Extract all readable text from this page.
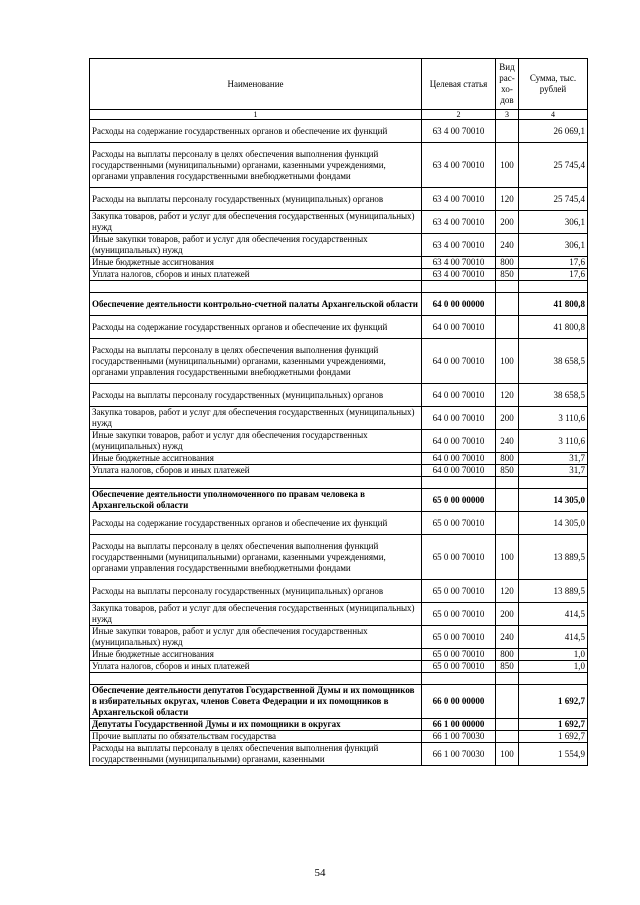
Наименование	Целевая статья	Вид рас- хо- дов	Сумма, тыс. рублей
1	2	3	4
Расходы на содержание государственных органов и обеспечение их функций	63 4 00 70010		26 069,1
Расходы на выплаты персоналу в целях обеспечения выполнения функций государственными (муниципальными) органами, казенными учреждениями, органами управления государственными внебюджетными фондами	63 4 00 70010	100	25 745,4
Расходы на выплаты персоналу государственных (муниципальных) органов	63 4 00 70010	120	25 745,4
Закупка товаров, работ и услуг для обеспечения государственных (муниципальных) нужд	63 4 00 70010	200	306,1
Иные закупки товаров, работ и услуг для обеспечения государственных (муниципальных) нужд	63 4 00 70010	240	306,1
Иные бюджетные ассигнования	63 4 00 70010	800	17,6
Уплата налогов, сборов и иных платежей	63 4 00 70010	850	17,6

Обеспечение деятельности контрольно-счетной палаты Архангельской области	64 0 00 00000		41 800,8
Расходы на содержание государственных органов и обеспечение их функций	64 0 00 70010		41 800,8
Расходы на выплаты персоналу в целях обеспечения выполнения функций государственными (муниципальными) органами, казенными учреждениями, органами управления государственными внебюджетными фондами	64 0 00 70010	100	38 658,5
Расходы на выплаты персоналу государственных (муниципальных) органов	64 0 00 70010	120	38 658,5
Закупка товаров, работ и услуг для обеспечения государственных (муниципальных) нужд	64 0 00 70010	200	3 110,6
Иные закупки товаров, работ и услуг для обеспечения государственных (муниципальных) нужд	64 0 00 70010	240	3 110,6
Иные бюджетные ассигнования	64 0 00 70010	800	31,7
Уплата налогов, сборов и иных платежей	64 0 00 70010	850	31,7

Обеспечение деятельности уполномоченного по правам человека в Архангельской области	65 0 00 00000		14 305,0
Расходы на содержание государственных органов и обеспечение их функций	65 0 00 70010		14 305,0
Расходы на выплаты персоналу в целях обеспечения выполнения функций государственными (муниципальными) органами, казенными учреждениями, органами управления государственными внебюджетными фондами	65 0 00 70010	100	13 889,5
Расходы на выплаты персоналу государственных (муниципальных) органов	65 0 00 70010	120	13 889,5
Закупка товаров, работ и услуг для обеспечения государственных (муниципальных) нужд	65 0 00 70010	200	414,5
Иные закупки товаров, работ и услуг для обеспечения государственных (муниципальных) нужд	65 0 00 70010	240	414,5
Иные бюджетные ассигнования	65 0 00 70010	800	1,0
Уплата налогов, сборов и иных платежей	65 0 00 70010	850	1,0

Обеспечение деятельности депутатов Государственной Думы и их помощников в избирательных округах, членов Совета Федерации и их помощников в Архангельской области	66 0 00 00000		1 692,7
Депутаты Государственной Думы и их помощники в округах	66 1 00 00000		1 692,7
Прочие выплаты по обязательствам государства	66 1 00 70030		1 692,7
Расходы на выплаты персоналу в целях обеспечения выполнения функций государственными (муниципальными) органами, казенными	66 1 00 70030	100	1 554,9
54
